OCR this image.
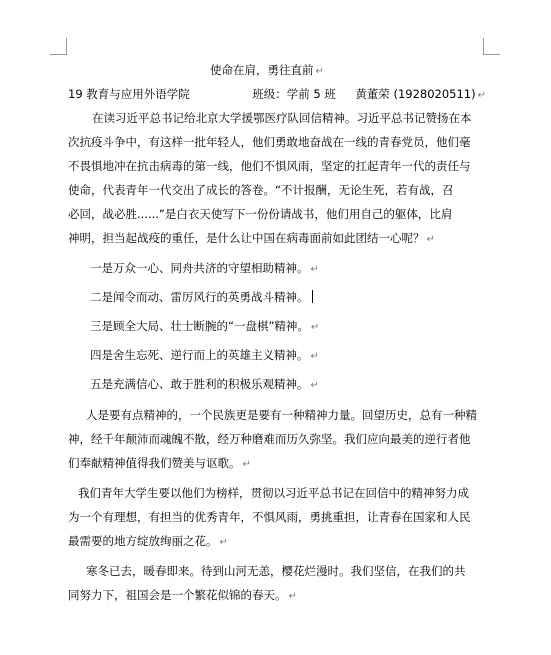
使命在肩，勇往直前 ↵
19 教育与应用外语学院	班级：学前 5 班	黄董荣 (1928020511) ↵
在读习近平总书记给北京大学援鄂医疗队回信精神。习近平总书记赞扬在本
次抗疫斗争中，有这样一批年轻人，他们勇敢地奋战在一线的青春党员，他们毫
不畏惧地冲在抗击病毒的第一线，他们不惧风雨，坚定的扛起青年一代的责任与
使命，代表青年一代交出了成长的答卷。“不计报酬，无论生死，若有战，召
必回，战必胜......”是白衣天使写下一份份请战书，他们用自己的躯体，比肩
神明，担当起战疫的重任，是什么让中国在病毒面前如此团结一心呢？ ↵
一是万众一心、同舟共济的守望相助精神。 ↵
二是闻令而动、雷厉风行的英勇战斗精神。
三是顾全大局、壮士断腕的“一盘棋”精神。 ↵
四是舍生忘死、逆行而上的英雄主义精神。 ↵
五是充满信心、敢于胜利的积极乐观精神。 ↵
人是要有点精神的，一个民族更是要有一种精神力量。回望历史，总有一种精
神，经千年颠沛而魂魄不散，经万种磨难而历久弥坚。我们应向最美的逆行者他
们奉献精神值得我们赞美与讴歌。 ↵
我们青年大学生要以他们为榜样，贯彻以习近平总书记在回信中的精神努力成
为一个有理想，有担当的优秀青年，不惧风雨，勇挑重担，让青春在国家和人民
最需要的地方绽放绚丽之花。 ↵
寒冬已去，暖春即来。待到山河无恙，樱花烂漫时。我们坚信，在我们的共
同努力下，祖国会是一个繁花似锦的春天。 ↵
